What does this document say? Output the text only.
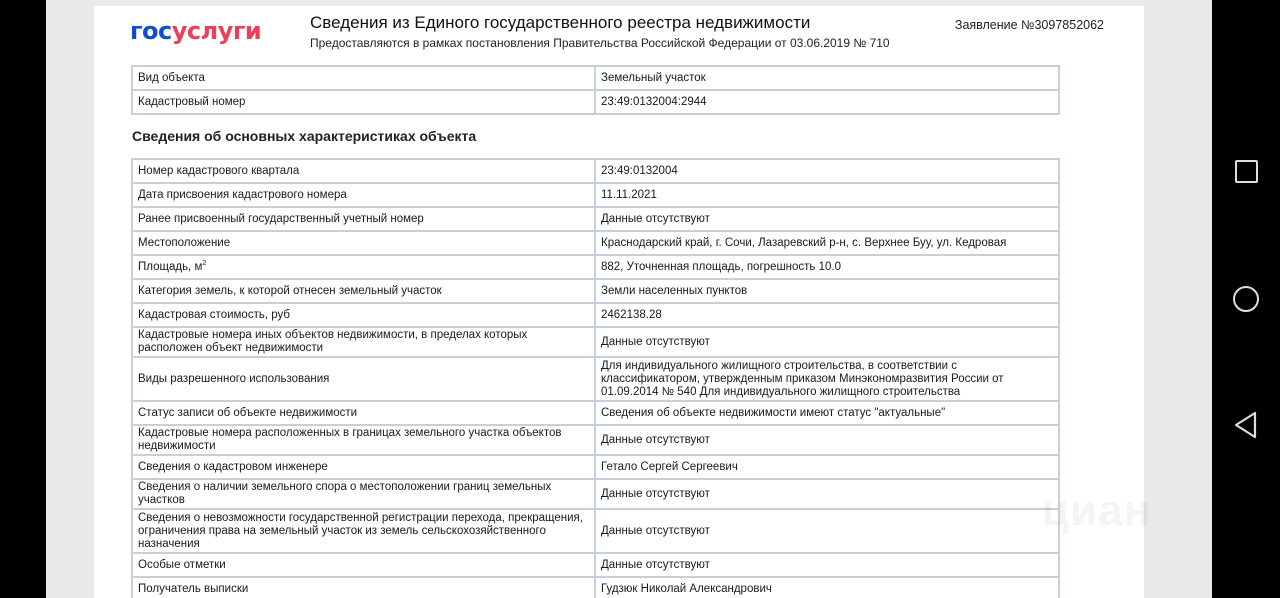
госуслуги	Сведения из Единого государственного реестра недвижимости
Предоставляются в рамках постановления Правительства Российской Федерации от 03.06.2019 № 710
Заявление №3097852062
Вид объекта	Земельный участок
Кадастровый номер	23:49:0132004:2944
Сведения об основных характеристиках объекта
Номер кадастрового квартала	23:49:0132004
Дата присвоения кадастрового номера	11.11.2021
Ранее присвоенный государственный учетный номер	Данные отсутствуют
Местоположение	Краснодарский край, г. Сочи, Лазаревский р-н, с. Верхнее Буу, ул. Кедровая
Площадь, $м^2$	882, Уточненная площадь, погрешность 10.0
Категория земель, к которой отнесен земельный участок	Земли населенных пунктов
Кадастровая стоимость, руб	2462138.28
Кадастровые номера иных объектов недвижимости, в пределах которых расположен объект недвижимости	Данные отсутствуют
Виды разрешенного использования	Для индивидуального жилищного строительства, в соответствии с классификатором, утвержденным приказом Минэкономразвития России от 01.09.2014 № 540 Для индивидуального жилищного строительства
Статус записи об объекте недвижимости	Сведения об объекте недвижимости имеют статус "актуальные"
Кадастровые номера расположенных в границах земельного участка объектов недвижимости	Данные отсутствуют
Сведения о кадастровом инженере	Гетало Сергей Сергеевич
Сведения о наличии земельного спора о местоположении границ земельных участков	Данные отсутствуют
Сведения о невозможности государственной регистрации перехода, прекращения, ограничения права на земельный участок из земель сельскохозяйственного назначения	Данные отсутствуют
Особые отметки	Данные отсутствуют
Получатель выписки	Гудзюк Николай Александрович
